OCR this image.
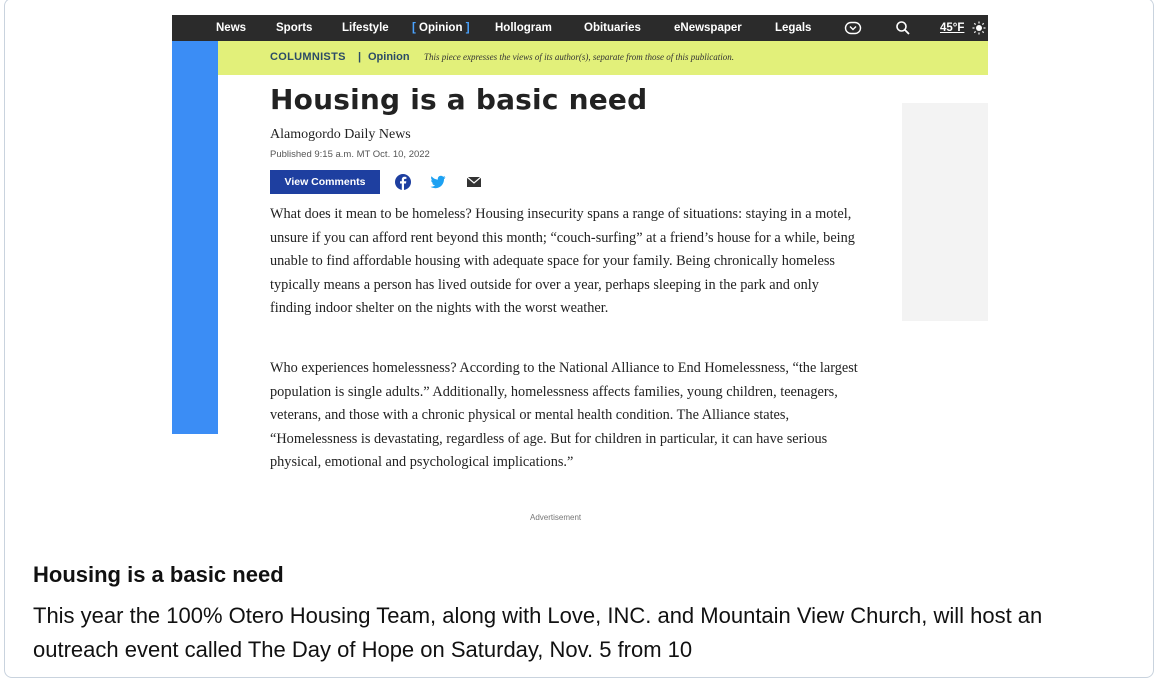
News	Sports	Lifestyle [ Opinion ] Hollogram	Obituaries	eNewspaper	Legals	45°F
COLUMNISTS | Opinion This piece expresses the views of its author(s), separate from those of this publication.
Housing is a basic need
Alamogordo Daily News
Published 9:15 a.m. MT Oct. 10, 2022
View Comments

What does it mean to be homeless? Housing insecurity spans a range of situations: staying in a motel, unsure if you can afford rent beyond this month; “couch-surfing” at a friend’s house for a while, being unable to find affordable housing with adequate space for your family. Being chronically homeless typically means a person has lived outside for over a year, perhaps sleeping in the park and only finding indoor shelter on the nights with the worst weather.

Who experiences homelessness? According to the National Alliance to End Homelessness, “the largest population is single adults.” Additionally, homelessness affects families, young children, teenagers, veterans, and those with a chronic physical or mental health condition. The Alliance states, “Homelessness is devastating, regardless of age. But for children in particular, it can have serious physical, emotional and psychological implications.”

Advertisement
Housing is a basic need

This year the 100% Otero Housing Team, along with Love, INC. and Mountain View Church, will host an outreach event called The Day of Hope on Saturday, Nov. 5 from 10
